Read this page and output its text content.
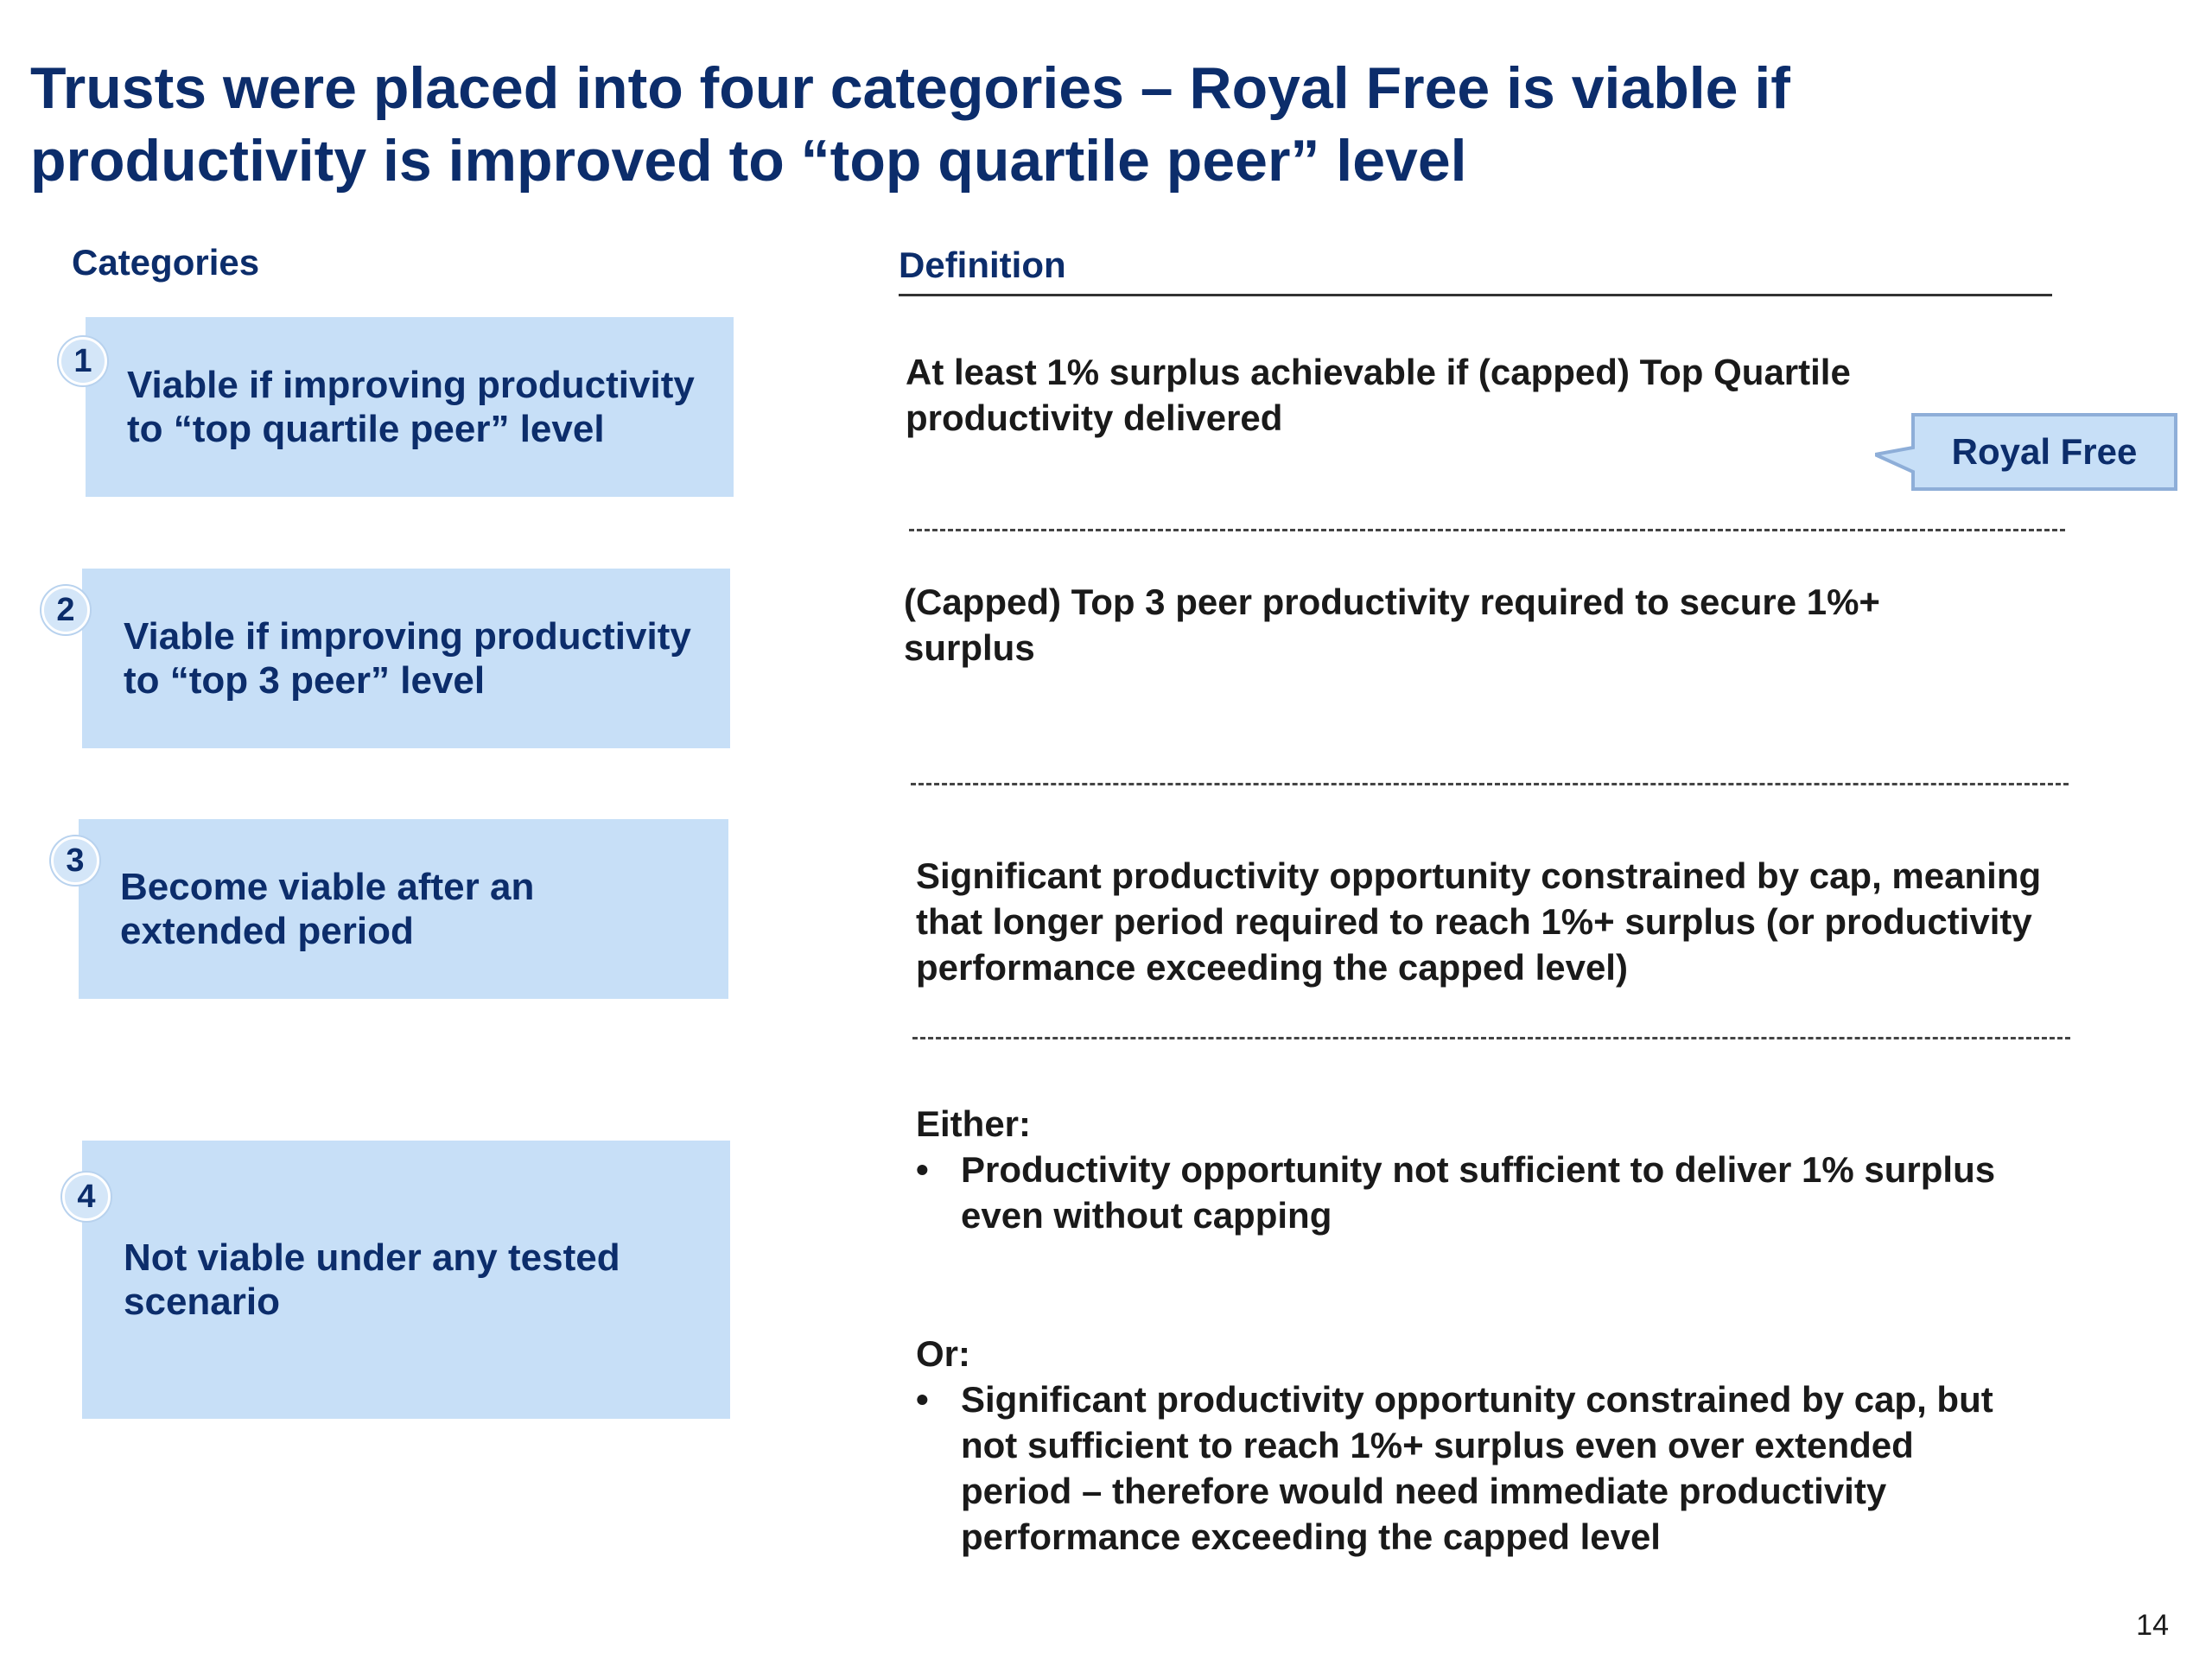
Trusts were placed into four categories – Royal Free is viable if productivity is improved to “top quartile peer” level
Categories	Definition
Viable if improving productivity to “top quartile peer” level
1
Viable if improving productivity to “top 3 peer” level
2
Become viable after an extended period
3
Not viable under any tested scenario
4
At least 1% surplus achievable if (capped) Top Quartile productivity delivered
(Capped) Top 3 peer productivity required to secure 1%+ surplus
Significant productivity opportunity constrained by cap, meaning that longer period required to reach 1%+ surplus (or productivity performance exceeding the capped level)
Either:
• Productivity opportunity not sufficient to deliver 1% surplus even without capping
Or:
• Significant productivity opportunity constrained by cap, but not sufficient to reach 1%+ surplus even over extended period – therefore would need immediate productivity performance exceeding the capped level
Royal Free
14
